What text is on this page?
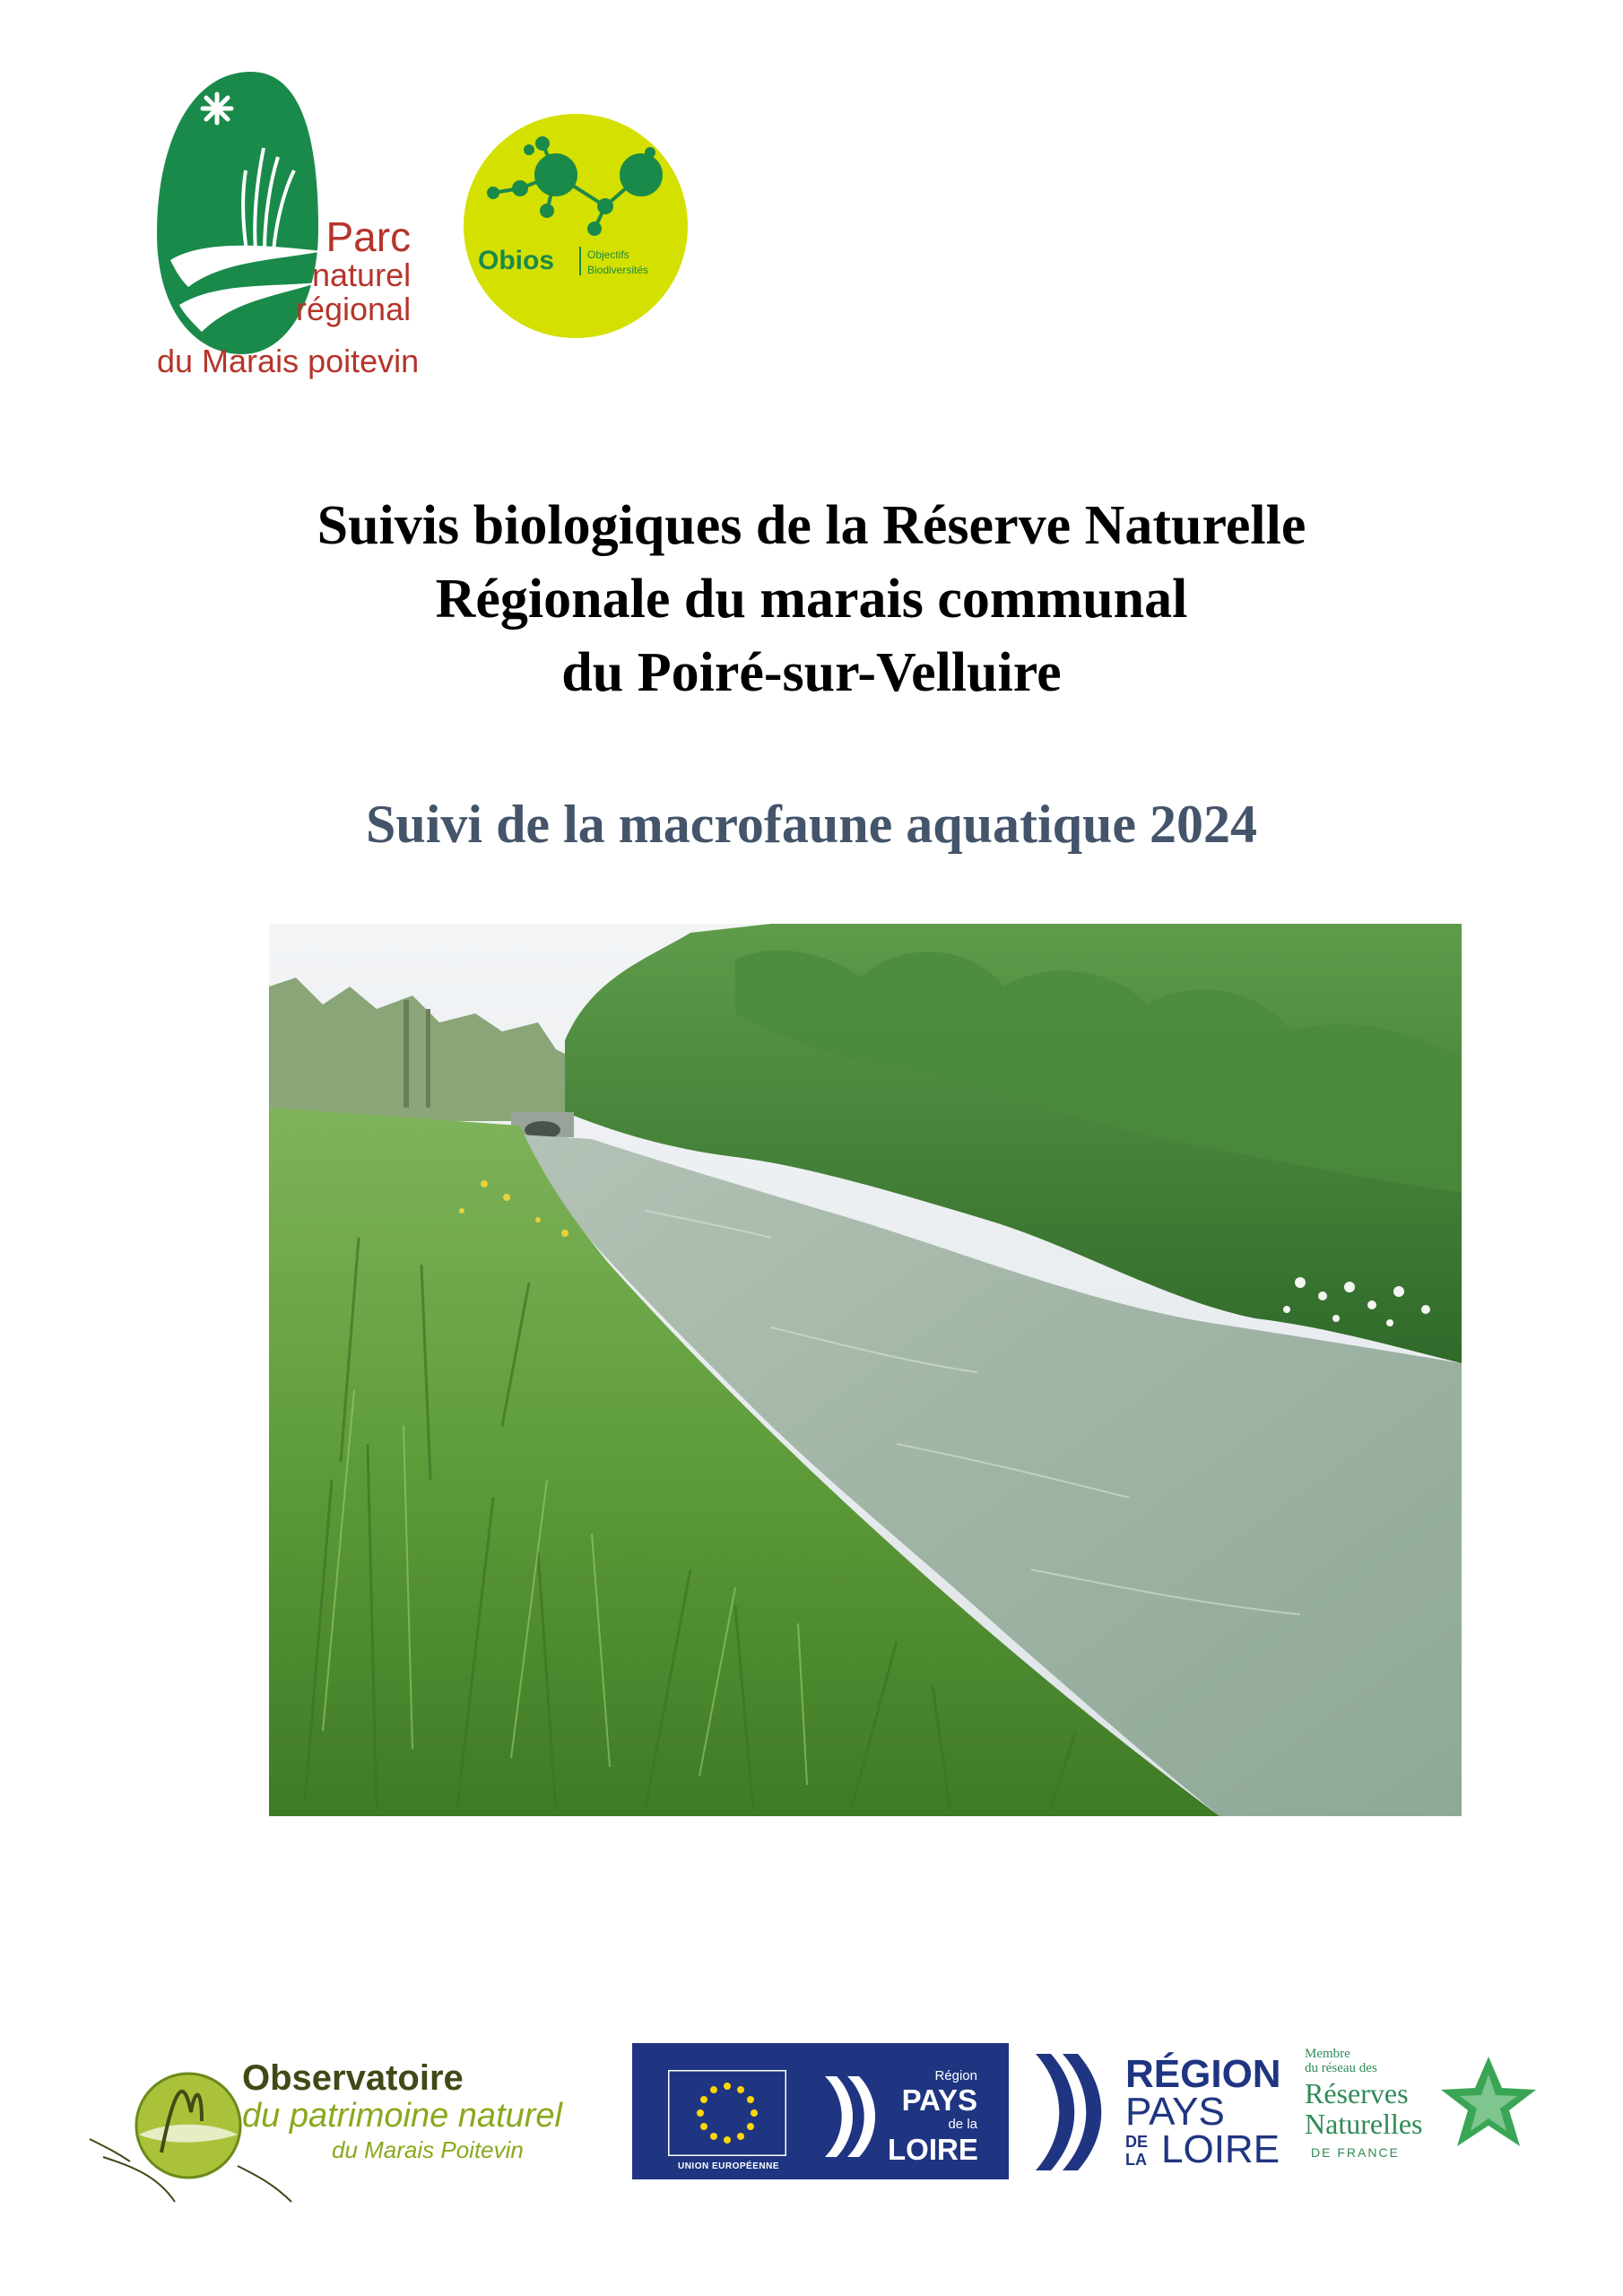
Parc
naturel
régional
du Marais poitevin
Obios	Objectifs
Biodiversités
Suivis biologiques de la Réserve Naturelle
Régionale du marais communal
du Poiré-sur-Velluire
Suivi de la macrofaune aquatique 2024
Observatoire
du patrimoine naturel
du Marais Poitevin
UNION EUROPÉENNE
Région
PAYS
de la
LOIRE
RÉGION
PAYS
DE
LA LOIRE
Membre
du réseau des
Réserves
Naturelles
DE FRANCE
